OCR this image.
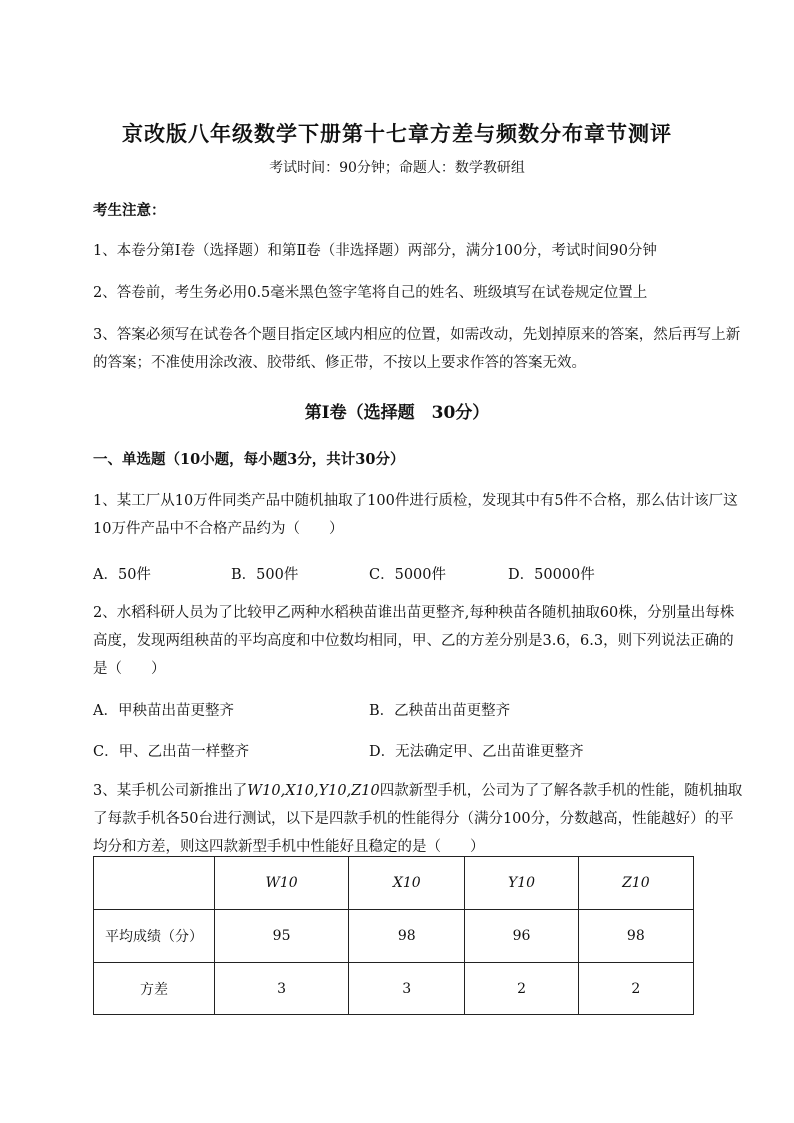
京改版八年级数学下册第十七章方差与频数分布章节测评
考试时间：90分钟；命题人：数学教研组
考生注意：
1、本卷分第Ⅰ卷（选择题）和第Ⅱ卷（非选择题）两部分，满分100分，考试时间90分钟
2、答卷前，考生务必用0.5毫米黑色签字笔将自己的姓名、班级填写在试卷规定位置上
3、答案必须写在试卷各个题目指定区域内相应的位置，如需改动，先划掉原来的答案，然后再写上新的答案；不准使用涂改液、胶带纸、修正带，不按以上要求作答的答案无效。
第Ⅰ卷（选择题　30分）
一、单选题（10小题，每小题3分，共计30分）
1、某工厂从10万件同类产品中随机抽取了100件进行质检，发现其中有5件不合格，那么估计该厂这10万件产品中不合格产品约为（　　）
A．50件	B．500件	C．5000件	D．50000件
2、水稻科研人员为了比较甲乙两种水稻秧苗谁出苗更整齐,每种秧苗各随机抽取60株，分别量出每株高度，发现两组秧苗的平均高度和中位数均相同，甲、乙的方差分别是3.6，6.3，则下列说法正确的是（　　）
A．甲秧苗出苗更整齐	B．乙秧苗出苗更整齐
C．甲、乙出苗一样整齐	D．无法确定甲、乙出苗谁更整齐
3、某手机公司新推出了W10,X10,Y10,Z10四款新型手机，公司为了了解各款手机的性能，随机抽取了每款手机各50台进行测试，以下是四款手机的性能得分（满分100分，分数越高，性能越好）的平均分和方差，则这四款新型手机中性能好且稳定的是（　　）
	W10	X10	Y10	Z10
平均成绩（分）	95	98	96	98
方差	3	3	2	2
